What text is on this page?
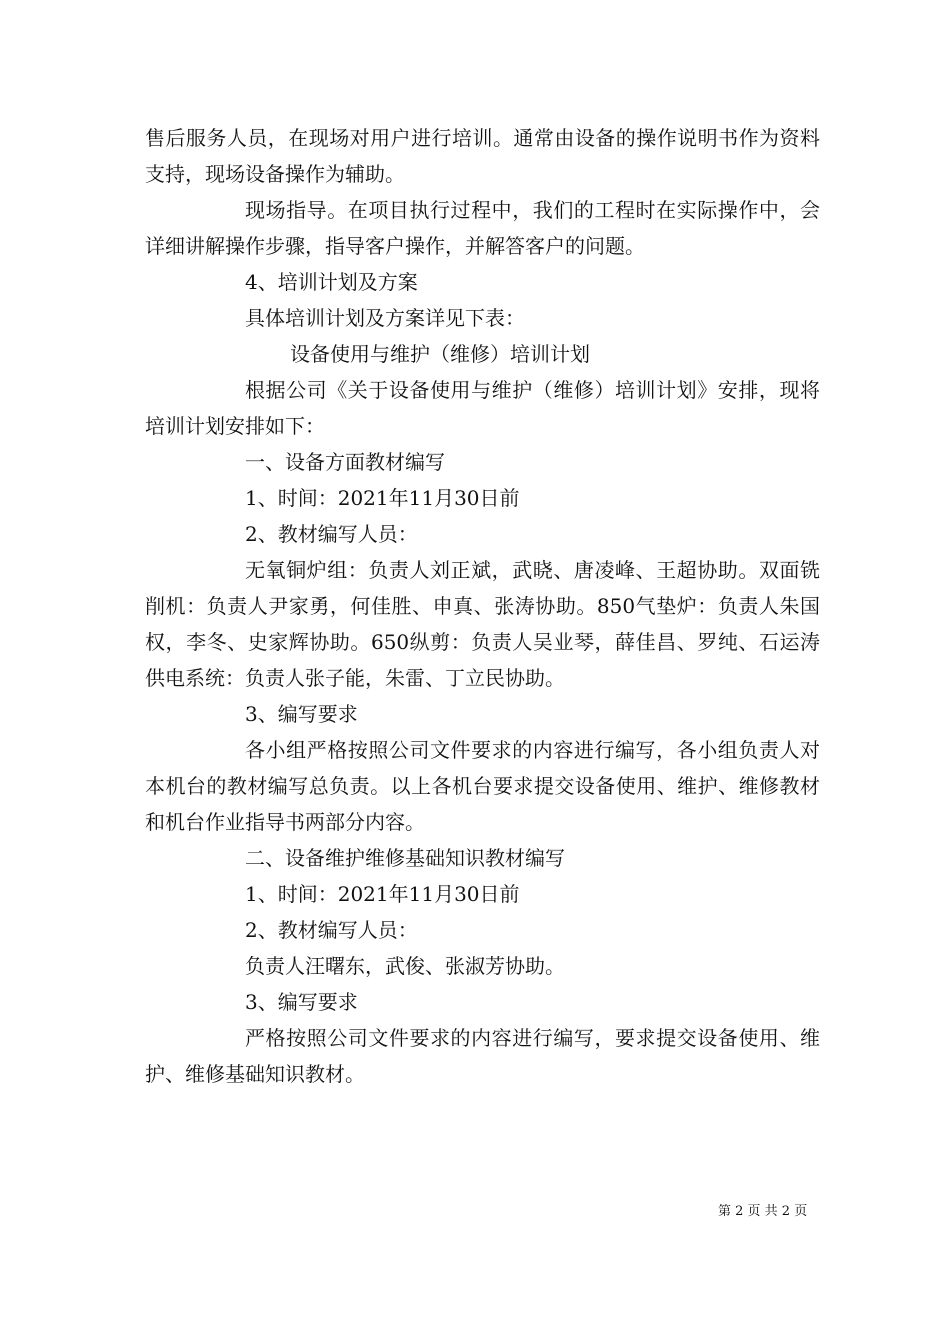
售后服务人员，在现场对用户进行培训。通常由设备的操作说明书作为资料支持，现场设备操作为辅助。

现场指导。在项目执行过程中，我们的工程时在实际操作中，会详细讲解操作步骤，指导客户操作，并解答客户的问题。

4、培训计划及方案

具体培训计划及方案详见下表：

设备使用与维护（维修）培训计划

根据公司《关于设备使用与维护（维修）培训计划》安排，现将培训计划安排如下：

一、设备方面教材编写

1、时间：2021年11月30日前

2、教材编写人员：

无氧铜炉组：负责人刘正斌，武晓、唐凌峰、王超协助。双面铣削机：负责人尹家勇，何佳胜、申真、张涛协助。850气垫炉：负责人朱国权，李冬、史家辉协助。650纵剪：负责人吴业琴，薛佳昌、罗纯、石运涛供电系统：负责人张子能，朱雷、丁立民协助。

3、编写要求

各小组严格按照公司文件要求的内容进行编写，各小组负责人对本机台的教材编写总负责。以上各机台要求提交设备使用、维护、维修教材和机台作业指导书两部分内容。

二、设备维护维修基础知识教材编写

1、时间：2021年11月30日前

2、教材编写人员：

负责人汪曙东，武俊、张淑芳协助。

3、编写要求

严格按照公司文件要求的内容进行编写，要求提交设备使用、维护、维修基础知识教材。

第 2 页 共 2 页
